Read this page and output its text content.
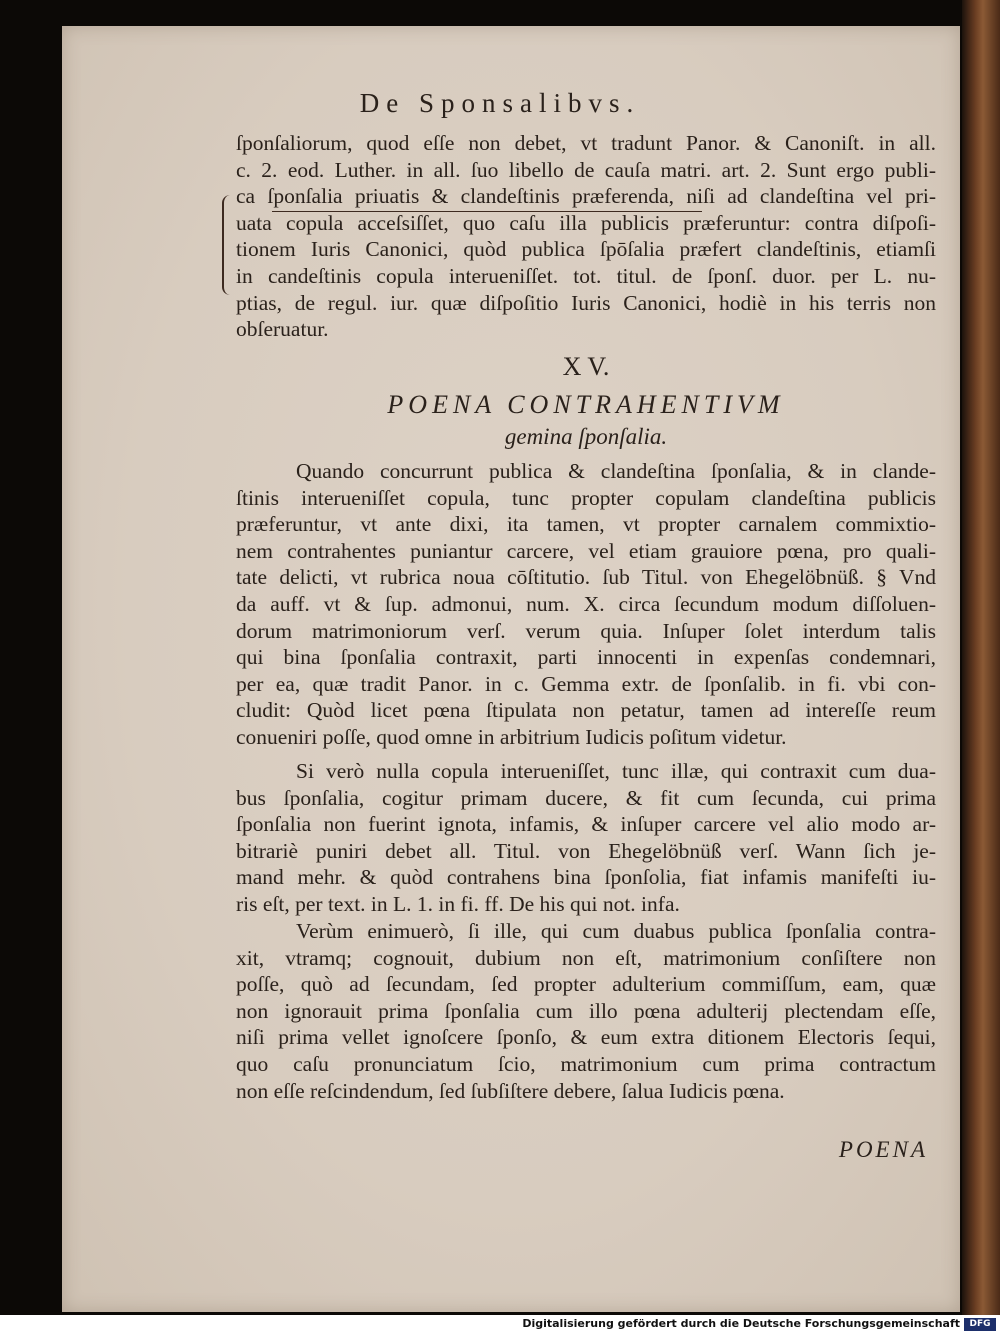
De Sponsalibvs.
ſponſaliorum, quod eſſe non debet, vt tradunt Panor. & Canoniſt. in all.
c. 2. eod. Luther. in all. ſuo libello de cauſa matri. art. 2. Sunt ergo publi-
ca ſponſalia priuatis & clandeſtinis præferenda, niſi ad clandeſtina vel pri-
uata copula acceſsiſſet, quo caſu illa publicis præferuntur: contra diſpoſi-
tionem Iuris Canonici, quòd publica ſpōſalia præfert clandeſtinis, etiamſi
in candeſtinis copula interueniſſet. tot. titul. de ſponſ. duor. per L. nu-
ptias, de regul. iur. quæ diſpoſitio Iuris Canonici, hodiè in his terris non
obſeruatur.
X V.
POENA CONTRAHENTIVM
gemina ſponſalia.
Quando concurrunt publica & clandeſtina ſponſalia, & in clande-
ſtinis interueniſſet copula, tunc propter copulam clandeſtina publicis
præferuntur, vt ante dixi, ita tamen, vt propter carnalem commixtio-
nem contrahentes puniantur carcere, vel etiam grauiore pœna, pro quali-
tate delicti, vt rubrica noua cōſtitutio. ſub Titul. von Ehegelöbnüß. § Vnd
da auff. vt & ſup. admonui, num. X. circa ſecundum modum diſſoluen-
dorum matrimoniorum verſ. verum quia. Inſuper ſolet interdum talis
qui bina ſponſalia contraxit, parti innocenti in expenſas condemnari,
per ea, quæ tradit Panor. in c. Gemma extr. de ſponſalib. in fi. vbi con-
cludit: Quòd licet pœna ſtipulata non petatur, tamen ad intereſſe reum
conueniri poſſe, quod omne in arbitrium Iudicis poſitum videtur.
Si verò nulla copula interueniſſet, tunc illæ, qui contraxit cum dua-
bus ſponſalia, cogitur primam ducere, & fit cum ſecunda, cui prima
ſponſalia non fuerint ignota, infamis, & inſuper carcere vel alio modo ar-
bitrariè puniri debet all. Titul. von Ehegelöbnüß verſ. Wann ſich je-
mand mehr. & quòd contrahens bina ſponſolia, fiat infamis manifeſti iu-
ris eſt, per text. in L. 1. in fi. ff. De his qui not. infa.
Verùm enimuerò, ſi ille, qui cum duabus publica ſponſalia contra-
xit, vtramq; cognouit, dubium non eſt, matrimonium conſiſtere non
poſſe, quò ad ſecundam, ſed propter adulterium commiſſum, eam, quæ
non ignorauit prima ſponſalia cum illo pœna adulterij plectendam eſſe,
niſi prima vellet ignoſcere ſponſo, & eum extra ditionem Electoris ſequi,
quo caſu pronunciatum ſcio, matrimonium cum prima contractum
non eſſe reſcindendum, ſed ſubſiſtere debere, ſalua Iudicis pœna.
POENA
Digitalisierung gefördert durch die Deutsche Forschungsgemeinschaft	DFG
